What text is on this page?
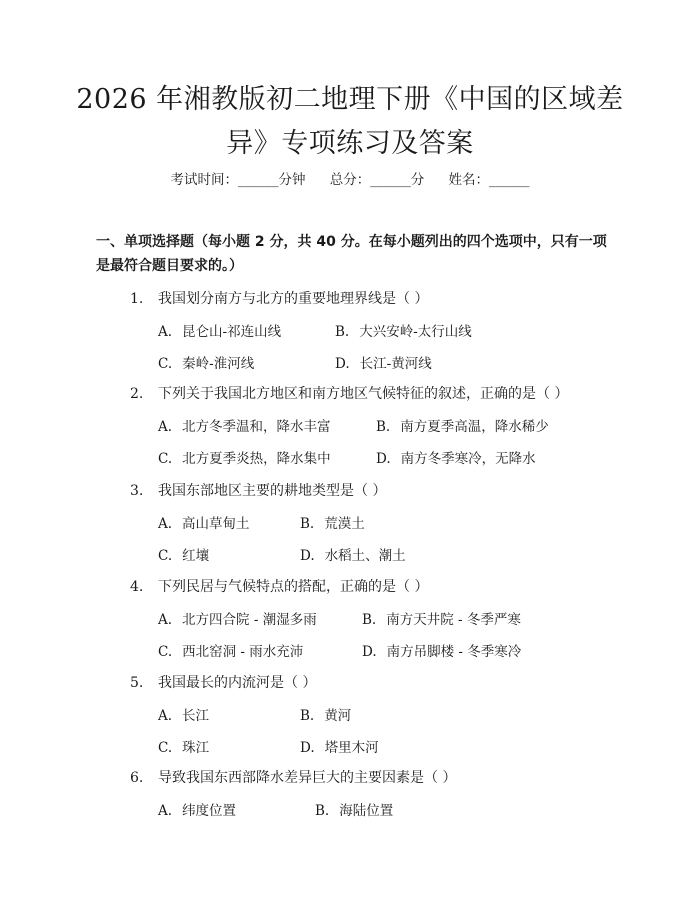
2026 年湘教版初二地理下册《中国的区域差
异》专项练习及答案
考试时间：______分钟 总分：______分 姓名：______
一、单项选择题（每小题 2 分，共 40 分。在每小题列出的四个选项中，只有一项是最符合题目要求的。）
1. 我国划分南方与北方的重要地理界线是（ ）
A. 昆仑山-祁连山线	B. 大兴安岭-太行山线
C. 秦岭-淮河线	D. 长江-黄河线
2. 下列关于我国北方地区和南方地区气候特征的叙述，正确的是（ ）
A. 北方冬季温和，降水丰富	B. 南方夏季高温，降水稀少
C. 北方夏季炎热，降水集中	D. 南方冬季寒冷，无降水
3. 我国东部地区主要的耕地类型是（ ）
A. 高山草甸土	B. 荒漠土
C. 红壤	D. 水稻土、潮土
4. 下列民居与气候特点的搭配，正确的是（ ）
A. 北方四合院 - 潮湿多雨	B. 南方天井院 - 冬季严寒
C. 西北窑洞 - 雨水充沛	D. 南方吊脚楼 - 冬季寒冷
5. 我国最长的内流河是（ ）
A. 长江	B. 黄河
C. 珠江	D. 塔里木河
6. 导致我国东西部降水差异巨大的主要因素是（ ）
A. 纬度位置	B. 海陆位置
